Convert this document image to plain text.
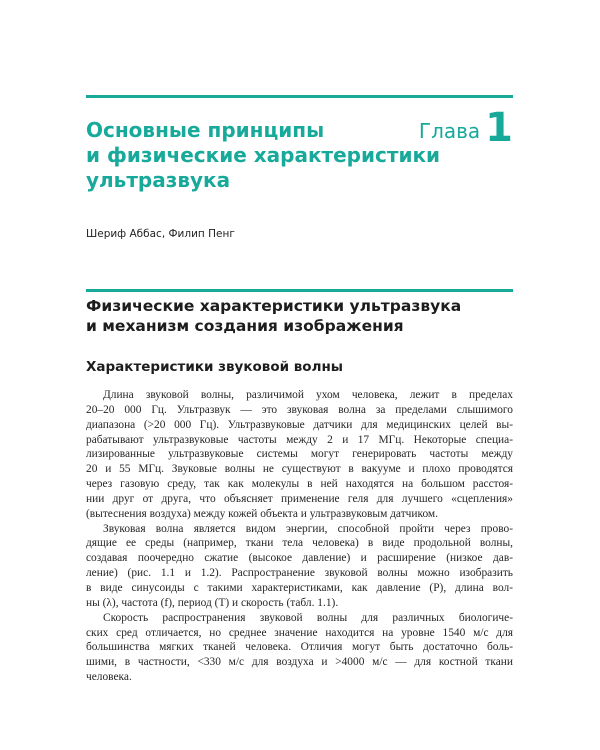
Основные принципы
и физические характеристики
ультразвука
Глава 1

Шериф Аббас, Филип Пенг

Физические характеристики ультразвука
и механизм создания изображения
Характеристики звуковой волны

Длина звуковой волны, различимой ухом человека, лежит в пределах
20–20 000 Гц. Ультразвук — это звуковая волна за пределами слышимого
диапазона (>20 000 Гц). Ультразвуковые датчики для медицинских целей вы-
рабатывают ультразвуковые частоты между 2 и 17 МГц. Некоторые специа-
лизированные ультразвуковые системы могут генерировать частоты между
20 и 55 МГц. Звуковые волны не существуют в вакууме и плохо проводятся
через газовую среду, так как молекулы в ней находятся на большом расстоя-
нии друг от друга, что объясняет применение геля для лучшего «сцепления»
(вытеснения воздуха) между кожей объекта и ультразвуковым датчиком.

Звуковая волна является видом энергии, способной пройти через прово-
дящие ее среды (например, ткани тела человека) в виде продольной волны,
создавая поочередно сжатие (высокое давление) и расширение (низкое дав-
ление) (рис. 1.1 и 1.2). Распространение звуковой волны можно изобразить
в виде синусоиды с такими характеристиками, как давление (P), длина вол-
ны (λ), частота (f), период (T) и скорость (табл. 1.1).

Скорость распространения звуковой волны для различных биологиче-
ских сред отличается, но среднее значение находится на уровне 1540 м/с для
большинства мягких тканей человека. Отличия могут быть достаточно боль-
шими, в частности, <330 м/с для воздуха и >4000 м/с — для костной ткани
человека.
